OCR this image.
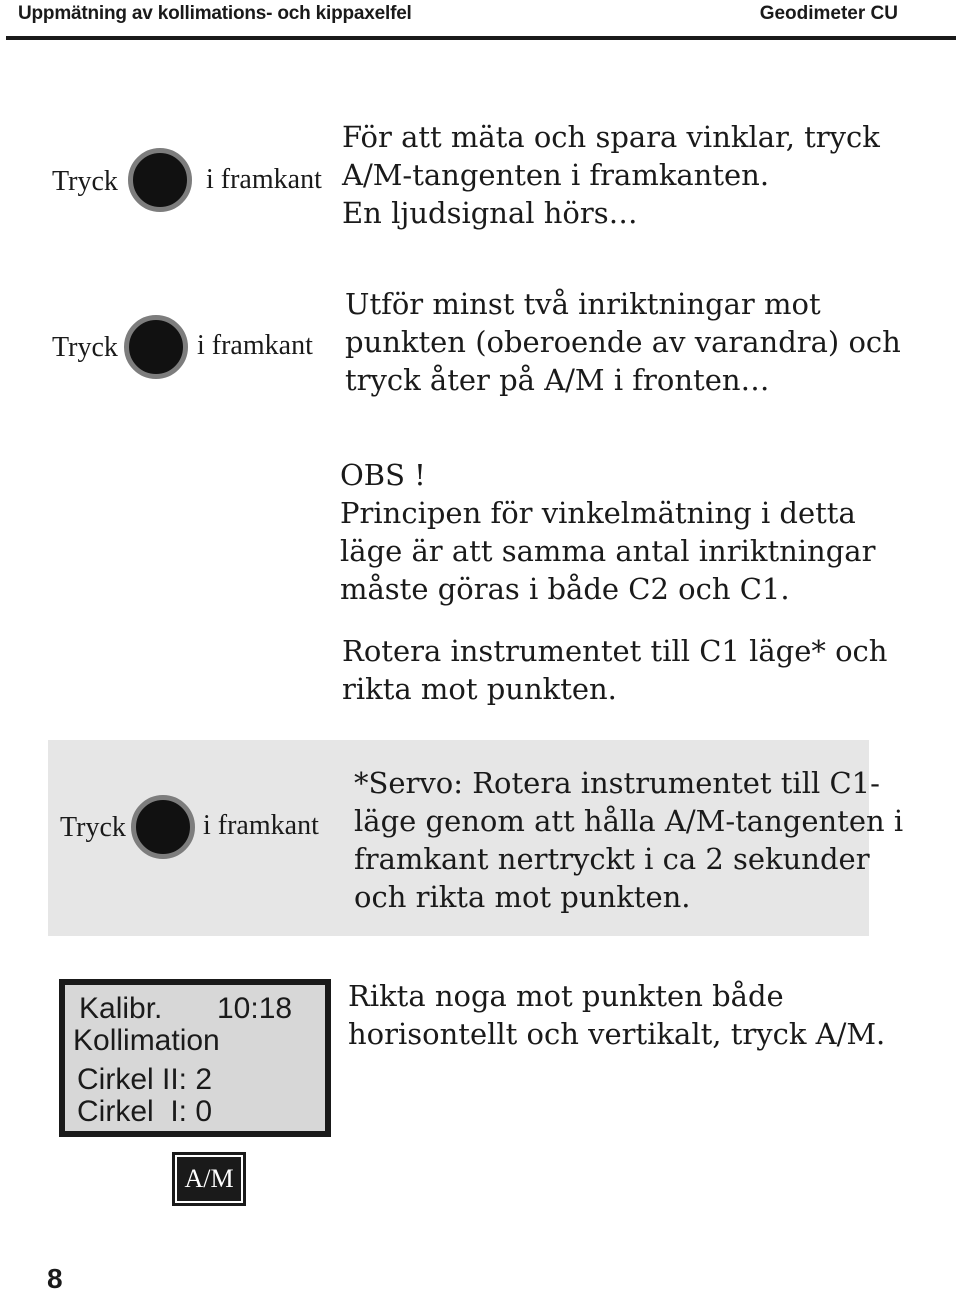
Uppmätning av kollimations- och kippaxelfel	Geodimeter CU
Tryck	i framkant
För att mäta och spara vinklar, tryck
A/M-tangenten i framkanten.
En ljudsignal hörs…
Tryck	i framkant
Utför minst två inriktningar mot
punkten (oberoende av varandra) och
tryck åter på A/M i fronten…
OBS !
Principen för vinkelmätning i detta
läge är att samma antal inriktningar
måste göras i både C2 och C1.
Rotera instrumentet till C1 läge* och
rikta mot punkten.
Tryck	i framkant
*Servo: Rotera instrumentet till C1-
läge genom att hålla A/M-tangenten i
framkant nertryckt i ca 2 sekunder
och rikta mot punkten.
Kalibr. 10:18
Kollimation
Cirkel II: 2
Cirkel  I: 0
Rikta noga mot punkten både
horisontellt och vertikalt, tryck A/M.
A/M
8
